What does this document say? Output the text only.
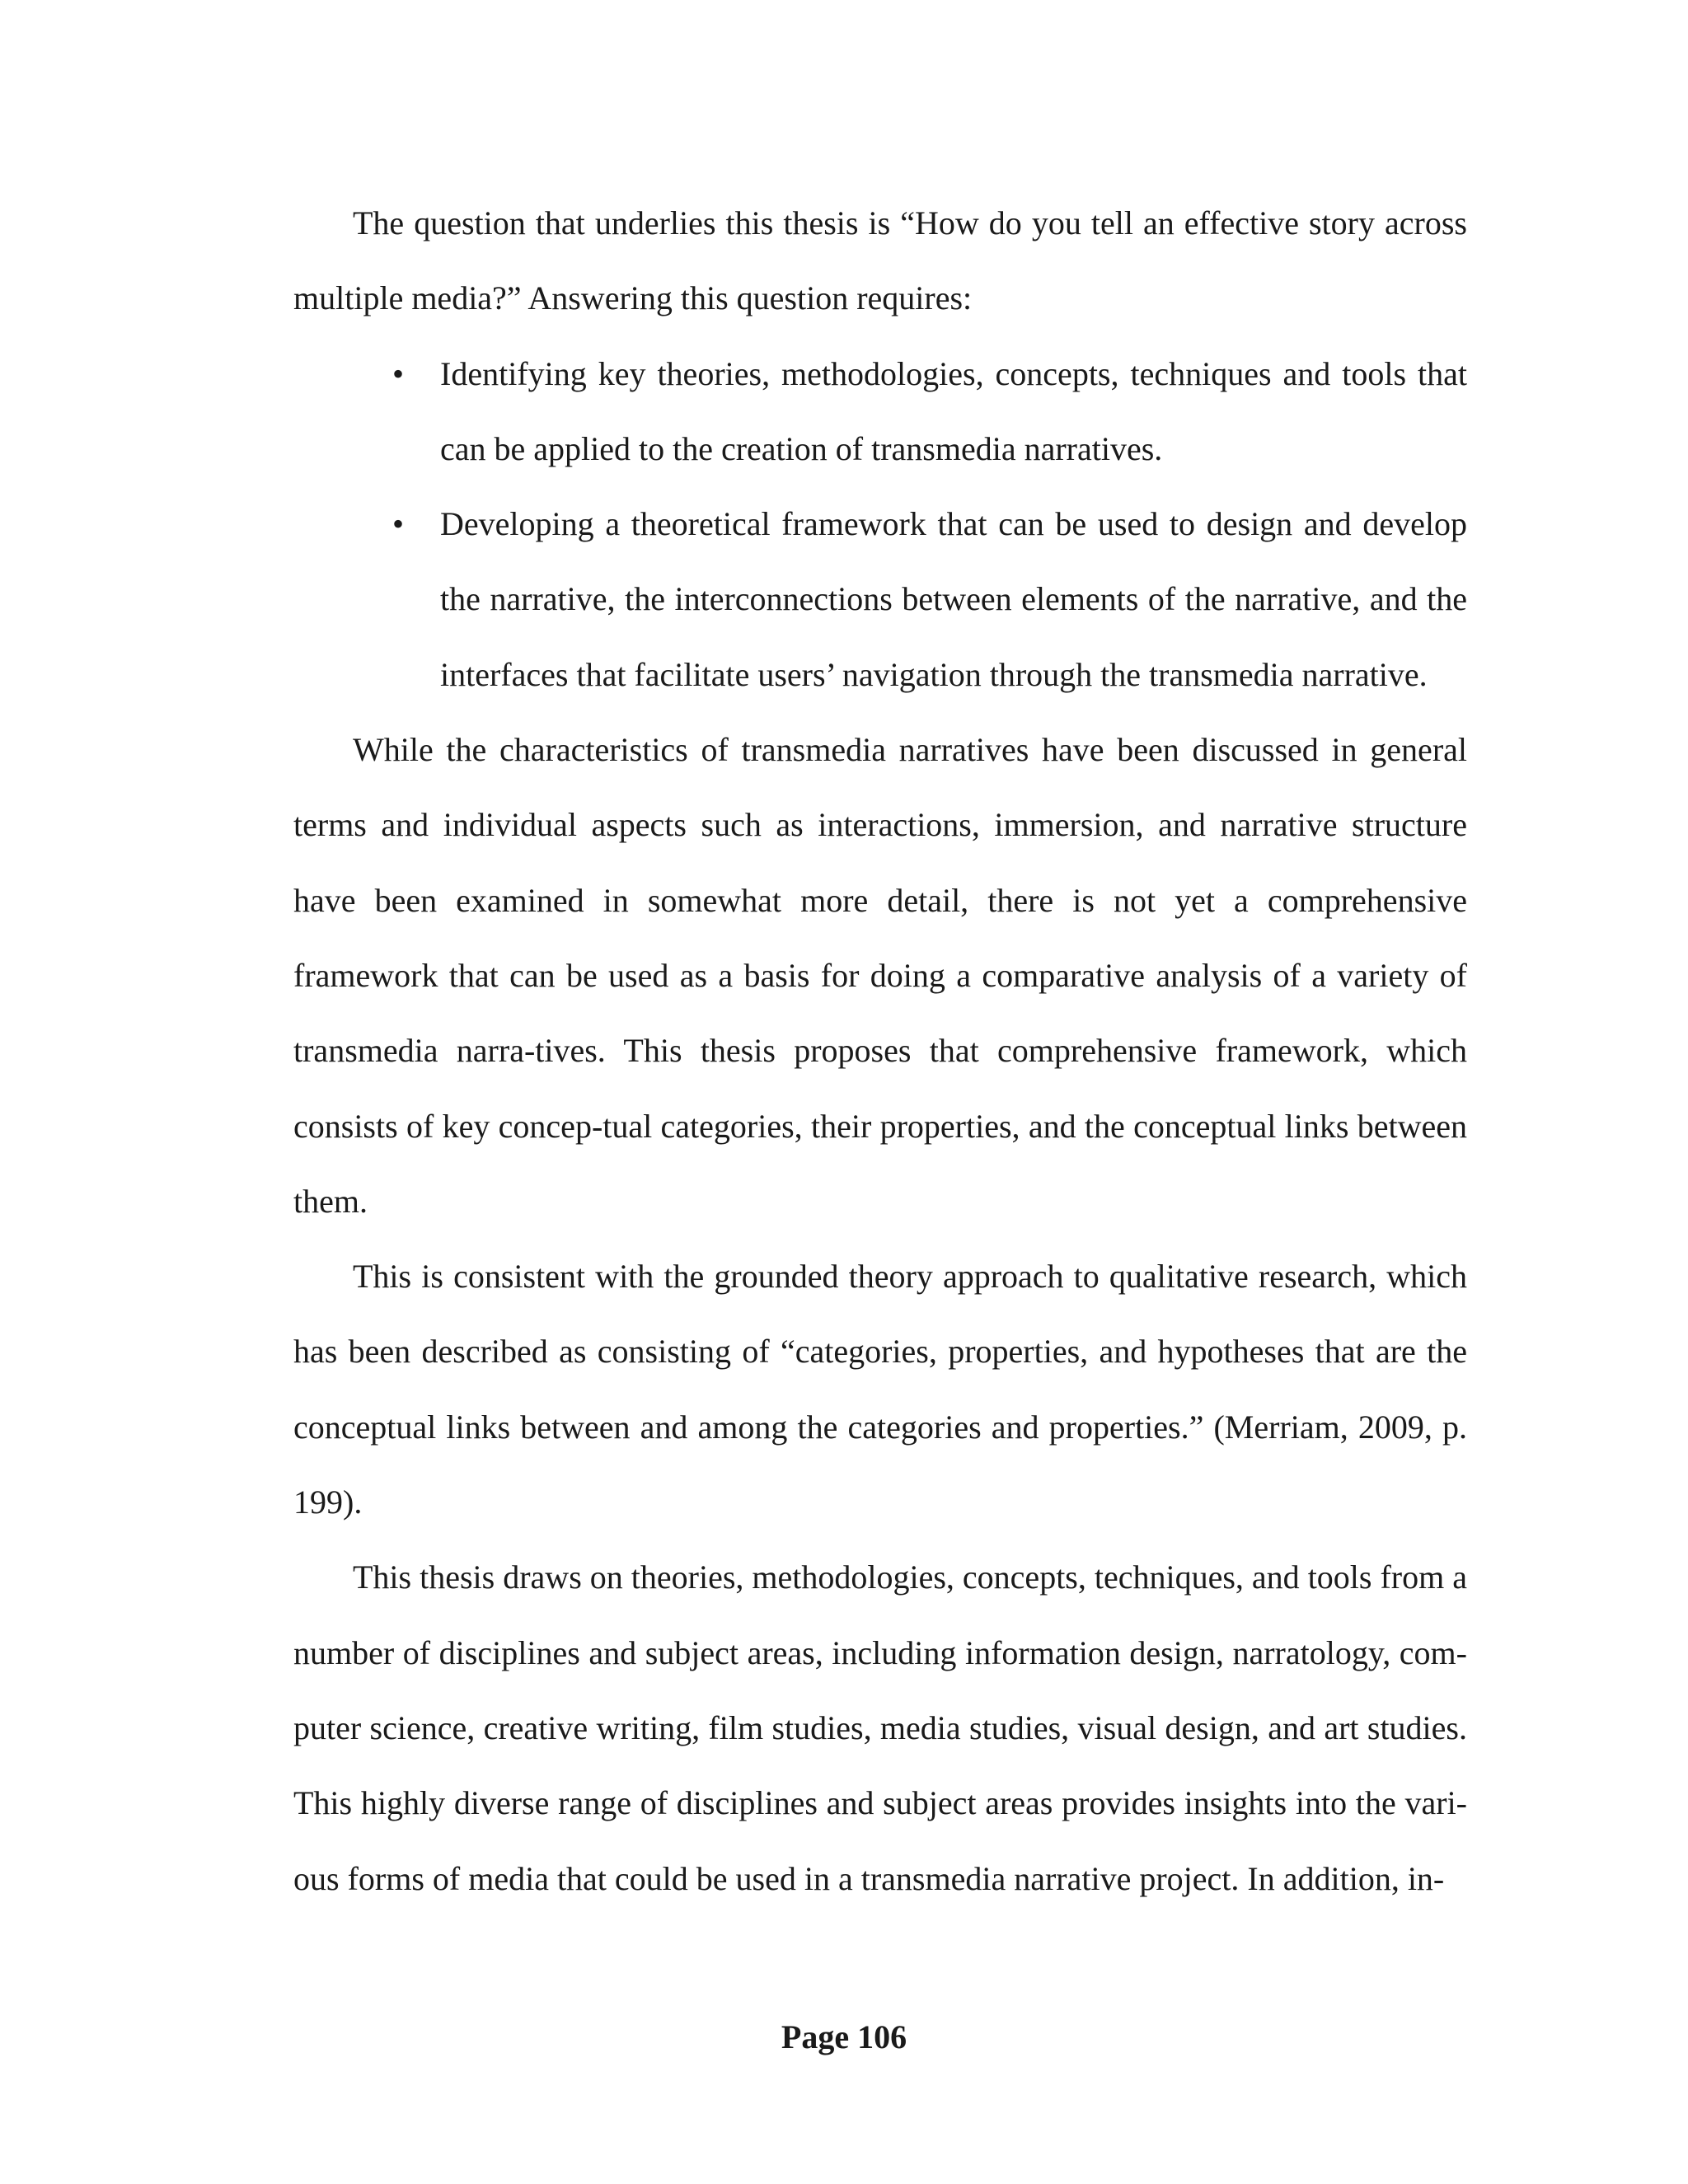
The question that underlies this thesis is “How do you tell an effective story across multiple media?” Answering this question requires:

• Identifying key theories, methodologies, concepts, techniques and tools that can be applied to the creation of transmedia narratives.
• Developing a theoretical framework that can be used to design and develop the narrative, the interconnections between elements of the narrative, and the interfaces that facilitate users’ navigation through the transmedia narrative.

While the characteristics of transmedia narratives have been discussed in general terms and individual aspects such as interactions, immersion, and narrative structure have been examined in somewhat more detail, there is not yet a comprehensive framework that can be used as a basis for doing a comparative analysis of a variety of transmedia narra-tives. This thesis proposes that comprehensive framework, which consists of key concep-tual categories, their properties, and the conceptual links between them.

This is consistent with the grounded theory approach to qualitative research, which has been described as consisting of “categories, properties, and hypotheses that are the conceptual links between and among the categories and properties.” (Merriam, 2009, p. 199).

This thesis draws on theories, methodologies, concepts, techniques, and tools from a number of disciplines and subject areas, including information design, narratology, com-puter science, creative writing, film studies, media studies, visual design, and art studies. This highly diverse range of disciplines and subject areas provides insights into the vari-ous forms of media that could be used in a transmedia narrative project. In addition, in-

Page 106
